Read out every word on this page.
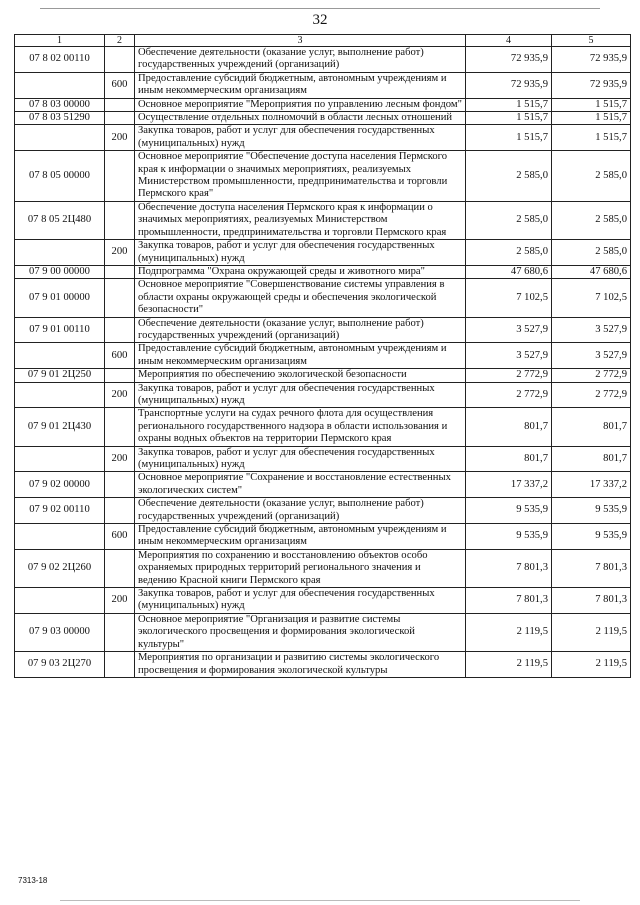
32
1	2	3	4	5
07 8 02 00110		Обеспечение деятельности (оказание услуг, выполнение работ) государственных учреждений (организаций)	72 935,9	72 935,9
	600	Предоставление субсидий бюджетным, автономным учреждениям и иным некоммерческим организациям	72 935,9	72 935,9
07 8 03 00000		Основное мероприятие "Мероприятия по управлению лесным фондом"	1 515,7	1 515,7
07 8 03 51290		Осуществление отдельных полномочий в области лесных отношений	1 515,7	1 515,7
	200	Закупка товаров, работ и услуг для обеспечения государственных (муниципальных) нужд	1 515,7	1 515,7
07 8 05 00000		Основное мероприятие "Обеспечение доступа населения Пермского края к информации о значимых мероприятиях, реализуемых Министерством промышленности, предпринимательства и торговли Пермского края"	2 585,0	2 585,0
07 8 05 2Ц480		Обеспечение доступа населения Пермского края к информации о значимых мероприятиях, реализуемых Министерством промышленности, предпринимательства и торговли Пермского края	2 585,0	2 585,0
	200	Закупка товаров, работ и услуг для обеспечения государственных (муниципальных) нужд	2 585,0	2 585,0
07 9 00 00000		Подпрограмма "Охрана окружающей среды и животного мира"	47 680,6	47 680,6
07 9 01 00000		Основное мероприятие "Совершенствование системы управления в области охраны окружающей среды и обеспечения экологической безопасности"	7 102,5	7 102,5
07 9 01 00110		Обеспечение деятельности (оказание услуг, выполнение работ) государственных учреждений (организаций)	3 527,9	3 527,9
	600	Предоставление субсидий бюджетным, автономным учреждениям и иным некоммерческим организациям	3 527,9	3 527,9
07 9 01 2Ц250		Мероприятия по обеспечению экологической безопасности	2 772,9	2 772,9
	200	Закупка товаров, работ и услуг для обеспечения государственных (муниципальных) нужд	2 772,9	2 772,9
07 9 01 2Ц430		Транспортные услуги на судах речного флота для осуществления регионального государственного надзора в области использования и охраны водных объектов на территории Пермского края	801,7	801,7
	200	Закупка товаров, работ и услуг для обеспечения государственных (муниципальных) нужд	801,7	801,7
07 9 02 00000		Основное мероприятие "Сохранение и восстановление естественных экологических систем"	17 337,2	17 337,2
07 9 02 00110		Обеспечение деятельности (оказание услуг, выполнение работ) государственных учреждений (организаций)	9 535,9	9 535,9
	600	Предоставление субсидий бюджетным, автономным учреждениям и иным некоммерческим организациям	9 535,9	9 535,9
07 9 02 2Ц260		Мероприятия по сохранению и восстановлению объектов особо охраняемых природных территорий регионального значения и ведению Красной книги Пермского края	7 801,3	7 801,3
	200	Закупка товаров, работ и услуг для обеспечения государственных (муниципальных) нужд	7 801,3	7 801,3
07 9 03 00000		Основное мероприятие "Организация и развитие системы экологического просвещения и формирования экологической культуры"	2 119,5	2 119,5
07 9 03 2Ц270		Мероприятия по организации и развитию системы экологического просвещения и формирования экологической культуры	2 119,5	2 119,5
7313-18
